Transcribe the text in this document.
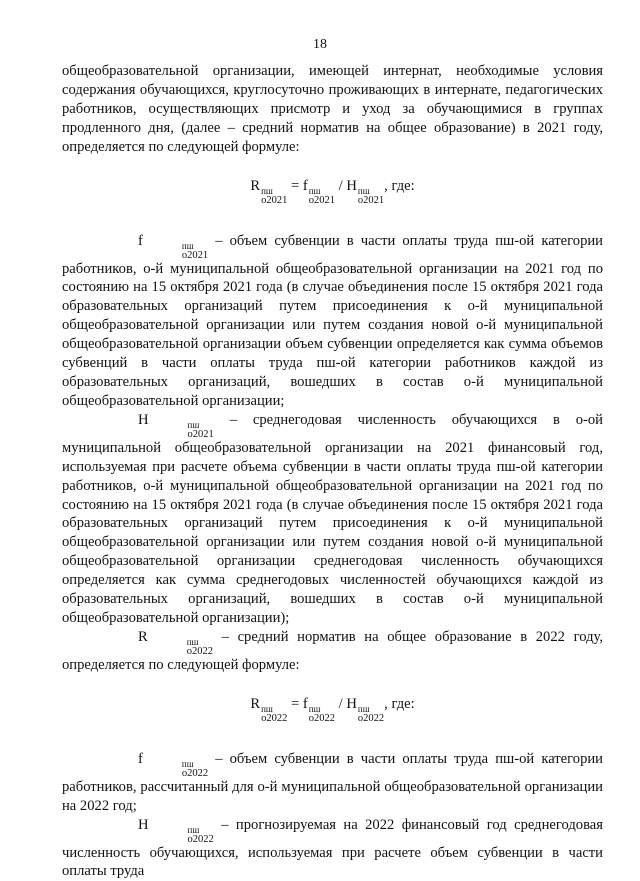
18

общеобразовательной организации, имеющей интернат, необходимые условия содержания обучающихся, круглосуточно проживающих в интернате, педагогических работников, осуществляющих присмотр и уход за обучающимися в группах продленного дня, (далее – средний норматив на общее образование) в 2021 году, определяется по следующей формуле:

R пш
о2021
= f пш
о2021
/ Н пш
о2021
, где:

f	пш
о2021
– объем субвенции в части оплаты труда пш-ой категории работников, о-й муниципальной общеобразовательной организации на 2021 год по состоянию на 15 октября 2021 года (в случае объединения после 15 октября 2021 года образовательных организаций путем присоединения к о-й муниципальной общеобразовательной организации или путем создания новой о-й муниципальной общеобразовательной организации объем субвенции определяется как сумма объемов субвенций в части оплаты труда пш-ой категории работников каждой из образовательных организаций, вошедших в состав о-й муниципальной общеобразовательной организации;

Н	пш
о2021
– среднегодовая численность обучающихся в о-ой муниципальной общеобразовательной организации на 2021 финансовый год, используемая при расчете объема субвенции в части оплаты труда пш-ой категории работников, о-й муниципальной общеобразовательной организации на 2021 год по состоянию на 15 октября 2021 года (в случае объединения после 15 октября 2021 года образовательных организаций путем присоединения к о-й муниципальной общеобразовательной организации или путем создания новой о-й муниципальной общеобразовательной организации среднегодовая численность обучающихся определяется как сумма среднегодовых численностей обучающихся каждой из образовательных организаций, вошедших в состав о-й муниципальной общеобразовательной организации);

R	пш
о2022
– средний норматив на общее образование в 2022 году, определяется по следующей формуле:

R пш
о2022
= f пш
о2022
/ Н пш
о2022
, где:

f	пш
о2022
– объем субвенции в части оплаты труда пш-ой категории работников, рассчитанный для о-й муниципальной общеобразовательной организации на 2022 год;

Н	пш
о2022
– прогнозируемая на 2022 финансовый год среднегодовая численность обучающихся, используемая при расчете объем субвенции в части оплаты труда
